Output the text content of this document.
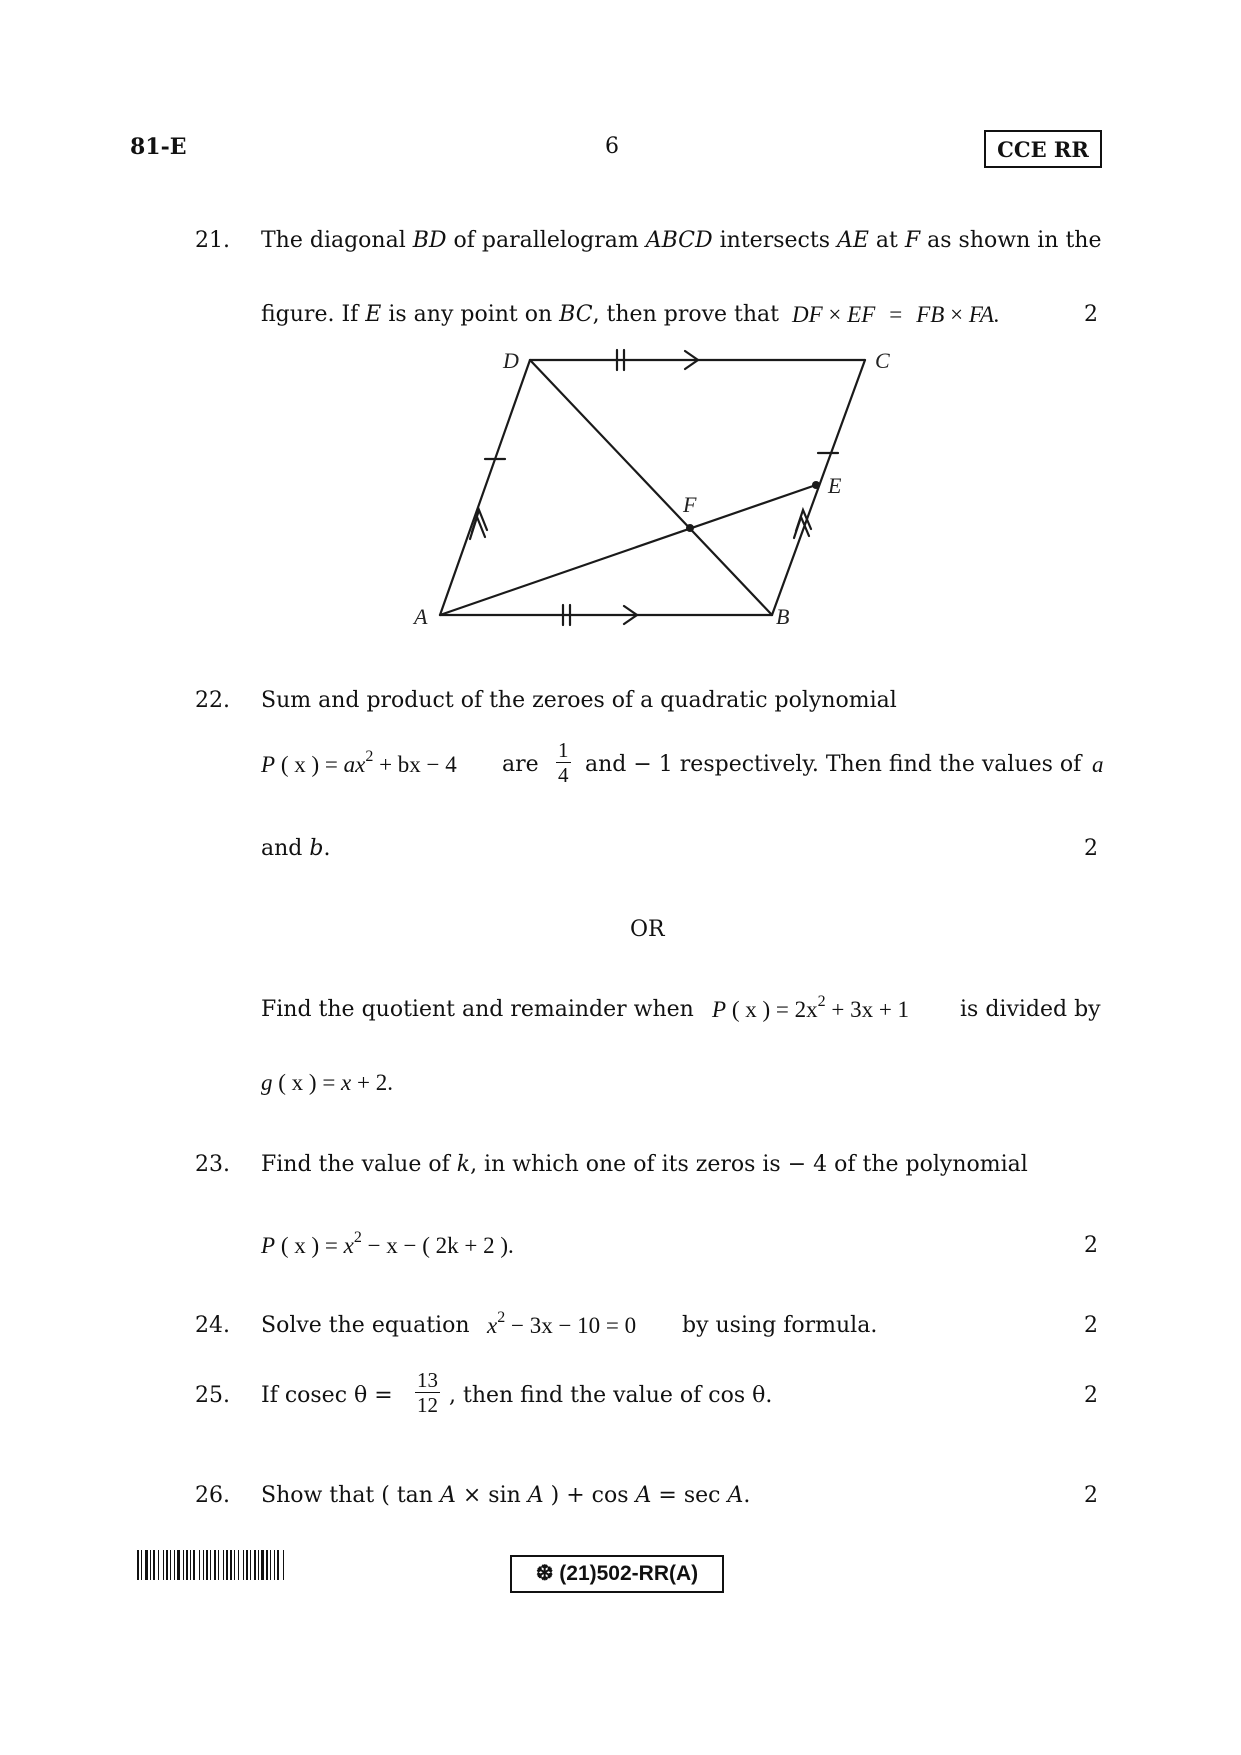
81-E	6	CCE RR
21. The diagonal BD of parallelogram ABCD intersects AE at F as shown in the
figure. If E is any point on BC, then prove that DF × EF = FB × FA.	2
D	C
E
F
A	B
22. Sum and product of the zeroes of a quadratic polynomial
P ( x ) = $ax^2$ + bx − 4 are $\frac{1}{4}$ and − 1 respectively. Then find the values of a
and b.	2
OR
Find the quotient and remainder when P ( x ) = $2x^2 + 3x + 1$ is divided by
g ( x ) = x + 2.
23. Find the value of k, in which one of its zeros is − 4 of the polynomial
P ( x ) = $x^2 - x$ − ( 2k + 2 ).	2
24. Solve the equation $x^2 - 3x - 10 = 0$ by using formula.	2
25. If cosec $\theta = \frac{13}{12}$ , then find the value of cos θ.	2
26. Show that ( tan A × sin A ) + cos A = sec A.	2
❆ (21)502-RR(A)
